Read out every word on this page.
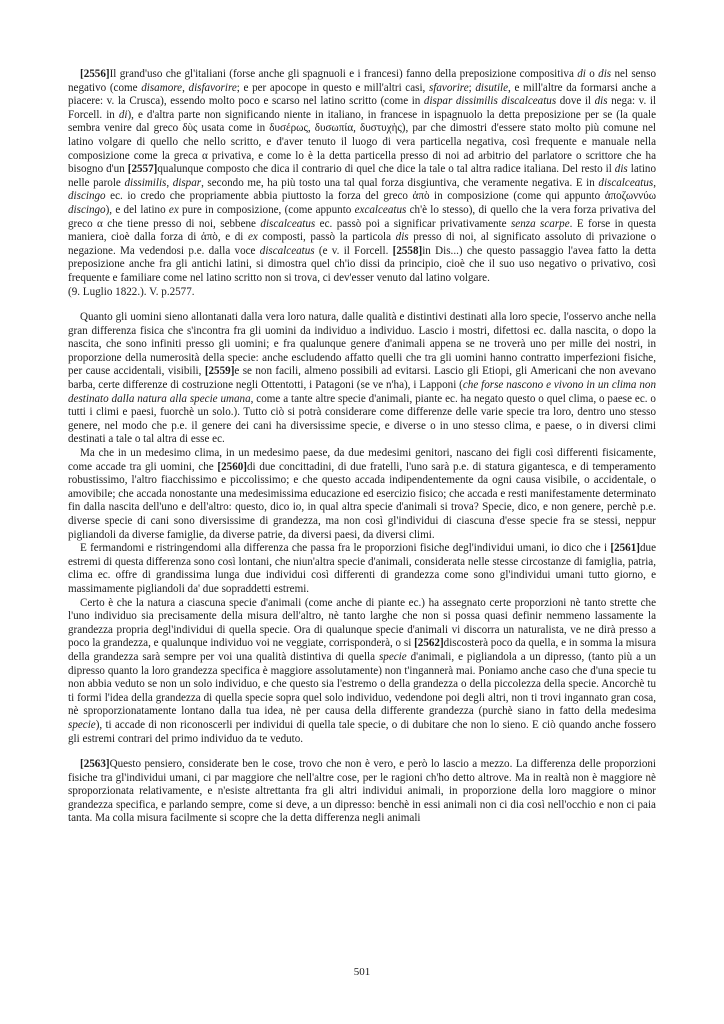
[2556]Il grand'uso che gl'italiani (forse anche gli spagnuoli e i francesi) fanno della preposizione compositiva di o dis nel senso negativo (come disamore, disfavorire; e per apocope in questo e mill'altri casi, sfavorire; disutile, e mill'altre da formarsi anche a piacere: v. la Crusca), essendo molto poco e scarso nel latino scritto (come in dispar dissimilis discalceatus dove il dis nega: v. il Forcell. in di), e d'altra parte non significando niente in italiano, in francese in ispagnuolo la detta preposizione per se (la quale sembra venire dal greco δὺς usata come in δυσέρως, δυσωπία, δυστυχὴς), par che dimostri d'essere stato molto più comune nel latino volgare di quello che nello scritto, e d'aver tenuto il luogo di vera particella negativa, così frequente e manuale nella composizione come la greca α privativa, e come lo è la detta particella presso di noi ad arbitrio del parlatore o scrittore che ha bisogno d'un [2557]qualunque composto che dica il contrario di quel che dice la tale o tal altra radice italiana. Del resto il dis latino nelle parole dissimilis, dispar, secondo me, ha più tosto una tal qual forza disgiuntiva, che veramente negativa. E in discalceatus, discingo ec. io credo che propriamente abbia piuttosto la forza del greco ἀπὸ in composizione (come qui appunto ἀποζωννύω discingo), e del latino ex pure in composizione, (come appunto excalceatus ch'è lo stesso), di quello che la vera forza privativa del greco α che tiene presso di noi, sebbene discalceatus ec. passò poi a significar privativamente senza scarpe. E forse in questa maniera, cioè dalla forza di ἀπὸ, e di ex composti, passò la particola dis presso di noi, al significato assoluto di privazione o negazione. Ma vedendosi p.e. dalla voce discalceatus (e v. il Forcell. [2558]in Dis...) che questo passaggio l'avea fatto la detta preposizione anche fra gli antichi latini, si dimostra quel ch'io dissi da principio, cioè che il suo uso negativo o privativo, così frequente e familiare come nel latino scritto non si trova, ci dev'esser venuto dal latino volgare.

(9. Luglio 1822.). V. p.2577.

Quanto gli uomini sieno allontanati dalla vera loro natura, dalle qualità e distintivi destinati alla loro specie, l'osservo anche nella gran differenza fisica che s'incontra fra gli uomini da individuo a individuo. Lascio i mostri, difettosi ec. dalla nascita, o dopo la nascita, che sono infiniti presso gli uomini; e fra qualunque genere d'animali appena se ne troverà uno per mille dei nostri, in proporzione della numerosità della specie: anche escludendo affatto quelli che tra gli uomini hanno contratto imperfezioni fisiche, per cause accidentali, visibili, [2559]e se non facili, almeno possibili ad evitarsi. Lascio gli Etiopi, gli Americani che non avevano barba, certe differenze di costruzione negli Ottentotti, i Patagoni (se ve n'ha), i Lapponi (che forse nascono e vivono in un clima non destinato dalla natura alla specie umana, come a tante altre specie d'animali, piante ec. ha negato questo o quel clima, o paese ec. o tutti i climi e paesi, fuorchè un solo.). Tutto ciò si potrà considerare come differenze delle varie specie tra loro, dentro uno stesso genere, nel modo che p.e. il genere dei cani ha diversissime specie, e diverse o in uno stesso clima, e paese, o in diversi climi destinati a tale o tal altra di esse ec.

Ma che in un medesimo clima, in un medesimo paese, da due medesimi genitori, nascano dei figli così differenti fisicamente, come accade tra gli uomini, che [2560]di due concittadini, di due fratelli, l'uno sarà p.e. di statura gigantesca, e di temperamento robustissimo, l'altro fiacchissimo e piccolissimo; e che questo accada indipendentemente da ogni causa visibile, o accidentale, o amovibile; che accada nonostante una medesimissima educazione ed esercizio fisico; che accada e resti manifestamente determinato fin dalla nascita dell'uno e dell'altro: questo, dico io, in qual altra specie d'animali si trova? Specie, dico, e non genere, perchè p.e. diverse specie di cani sono diversissime di grandezza, ma non così gl'individui di ciascuna d'esse specie fra se stessi, neppur pigliandoli da diverse famiglie, da diverse patrie, da diversi paesi, da diversi climi.

E fermandomi e ristringendomi alla differenza che passa fra le proporzioni fisiche degl'individui umani, io dico che i [2561]due estremi di questa differenza sono così lontani, che niun'altra specie d'animali, considerata nelle stesse circostanze di famiglia, patria, clima ec. offre di grandissima lunga due individui così differenti di grandezza come sono gl'individui umani tutto giorno, e massimamente pigliandoli da' due sopraddetti estremi.

Certo è che la natura a ciascuna specie d'animali (come anche di piante ec.) ha assegnato certe proporzioni nè tanto strette che l'uno individuo sia precisamente della misura dell'altro, nè tanto larghe che non si possa quasi definir nemmeno lassamente la grandezza propria degl'individui di quella specie. Ora di qualunque specie d'animali vi discorra un naturalista, ve ne dirà presso a poco la grandezza, e qualunque individuo voi ne veggiate, corrisponderà, o si [2562]discosterà poco da quella, e in somma la misura della grandezza sarà sempre per voi una qualità distintiva di quella specie d'animali, e pigliandola a un dipresso, (tanto più a un dipresso quanto la loro grandezza specifica è maggiore assolutamente) non t'ingannerà mai. Poniamo anche caso che d'una specie tu non abbia veduto se non un solo individuo, e che questo sia l'estremo o della grandezza o della piccolezza della specie. Ancorchè tu ti formi l'idea della grandezza di quella specie sopra quel solo individuo, vedendone poi degli altri, non ti trovi ingannato gran cosa, nè sproporzionatamente lontano dalla tua idea, nè per causa della differente grandezza (purchè siano in fatto della medesima specie), ti accade di non riconoscerli per individui di quella tale specie, o di dubitare che non lo sieno. E ciò quando anche fossero gli estremi contrari del primo individuo da te veduto.

[2563]Questo pensiero, considerate ben le cose, trovo che non è vero, e però lo lascio a mezzo. La differenza delle proporzioni fisiche tra gl'individui umani, ci par maggiore che nell'altre cose, per le ragioni ch'ho detto altrove. Ma in realtà non è maggiore nè sproporzionata relativamente, e n'esiste altrettanta fra gli altri individui animali, in proporzione della loro maggiore o minor grandezza specifica, e parlando sempre, come si deve, a un dipresso: benchè in essi animali non ci dia così nell'occhio e non ci paia tanta. Ma colla misura facilmente si scopre che la detta differenza negli animali

501
